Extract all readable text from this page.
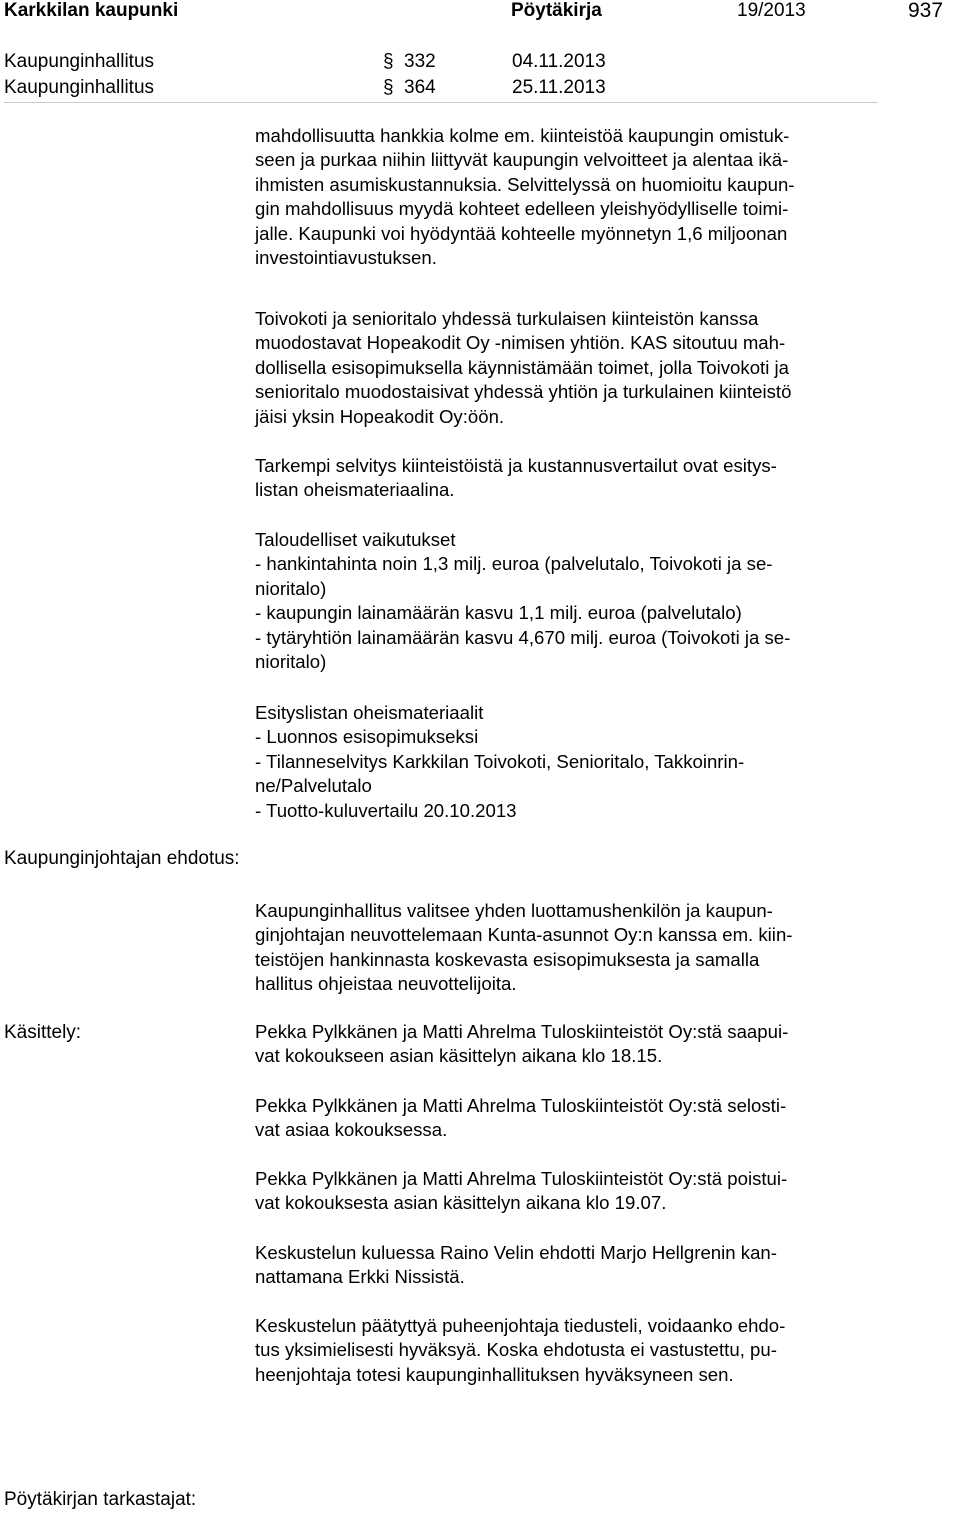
Karkkilan kaupunki	Pöytäkirja	19/2013	937
Kaupunginhallitus	§ 332	04.11.2013
Kaupunginhallitus	§ 364	25.11.2013
Kaupunginjohtajan ehdotus:
Käsittely:
Pöytäkirjan tarkastajat:
mahdollisuutta hankkia kolme em. kiinteistöä kaupungin omistuk-
seen ja purkaa niihin liittyvät kaupungin velvoitteet ja alentaa ikä-
ihmisten asumiskustannuksia. Selvittelyssä on huomioitu kaupun-
gin mahdollisuus myydä kohteet edelleen yleishyödylliselle toimi-
jalle. Kaupunki voi hyödyntää kohteelle myönnetyn 1,6 miljoonan
investointiavustuksen.
Toivokoti ja senioritalo yhdessä turkulaisen kiinteistön kanssa
muodostavat Hopeakodit Oy -nimisen yhtiön. KAS sitoutuu mah-
dollisella esisopimuksella käynnistämään toimet, jolla Toivokoti ja
senioritalo muodostaisivat yhdessä yhtiön ja turkulainen kiinteistö
jäisi yksin Hopeakodit Oy:öön.
Tarkempi selvitys kiinteistöistä ja kustannusvertailut ovat esitys-
listan oheismateriaalina.
Taloudelliset vaikutukset
- hankintahinta noin 1,3 milj. euroa (palvelutalo, Toivokoti ja se-
nioritalo)
- kaupungin lainamäärän kasvu 1,1 milj. euroa (palvelutalo)
- tytäryhtiön lainamäärän kasvu 4,670 milj. euroa (Toivokoti ja se-
nioritalo)
Esityslistan oheismateriaalit
- Luonnos esisopimukseksi
- Tilanneselvitys Karkkilan Toivokoti, Senioritalo, Takkoinrin-
ne/Palvelutalo
- Tuotto-kuluvertailu 20.10.2013
Kaupunginhallitus valitsee yhden luottamushenkilön ja kaupun-
ginjohtajan neuvottelemaan Kunta-asunnot Oy:n kanssa em. kiin-
teistöjen hankinnasta koskevasta esisopimuksesta ja samalla
hallitus ohjeistaa neuvottelijoita.
Pekka Pylkkänen ja Matti Ahrelma Tuloskiinteistöt Oy:stä saapui-
vat kokoukseen asian käsittelyn aikana klo 18.15.
Pekka Pylkkänen ja Matti Ahrelma Tuloskiinteistöt Oy:stä selosti-
vat asiaa kokouksessa.
Pekka Pylkkänen ja Matti Ahrelma Tuloskiinteistöt Oy:stä poistui-
vat kokouksesta asian käsittelyn aikana klo 19.07.
Keskustelun kuluessa Raino Velin ehdotti Marjo Hellgrenin kan-
nattamana Erkki Nissistä.
Keskustelun päätyttyä puheenjohtaja tiedusteli, voidaanko ehdo-
tus yksimielisesti hyväksyä. Koska ehdotusta ei vastustettu, pu-
heenjohtaja totesi kaupunginhallituksen hyväksyneen sen.
